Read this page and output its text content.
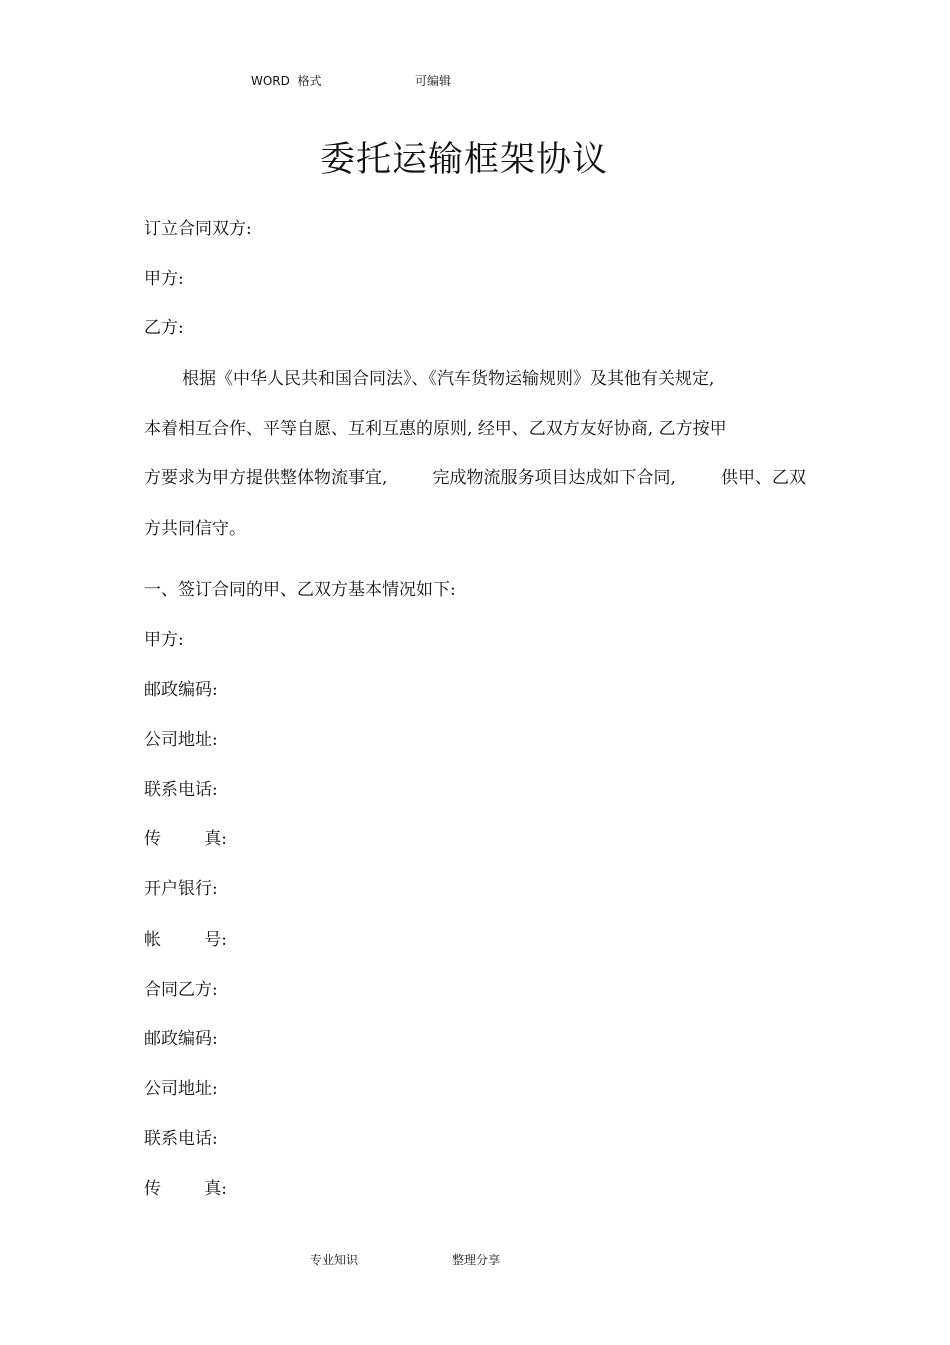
WORD  格式	可编辑
委托运输框架协议
订立合同双方:
甲方:
乙方:
根据《中华人民共和国合同法》、《汽车货物运输规则》及其他有关规定,
本着相互合作、平等自愿、互利互惠的原则, 经甲、乙双方友好协商, 乙方按甲
方要求为甲方提供整体物流事宜,	完成物流服务项目达成如下合同,	供甲、乙双
方共同信守。
一、签订合同的甲、乙双方基本情况如下:
甲方:
邮政编码:
公司地址:
联系电话:
传        真:
开户银行:
帐        号:
合同乙方:
邮政编码:
公司地址:
联系电话:
传        真:
专业知识	整理分享
